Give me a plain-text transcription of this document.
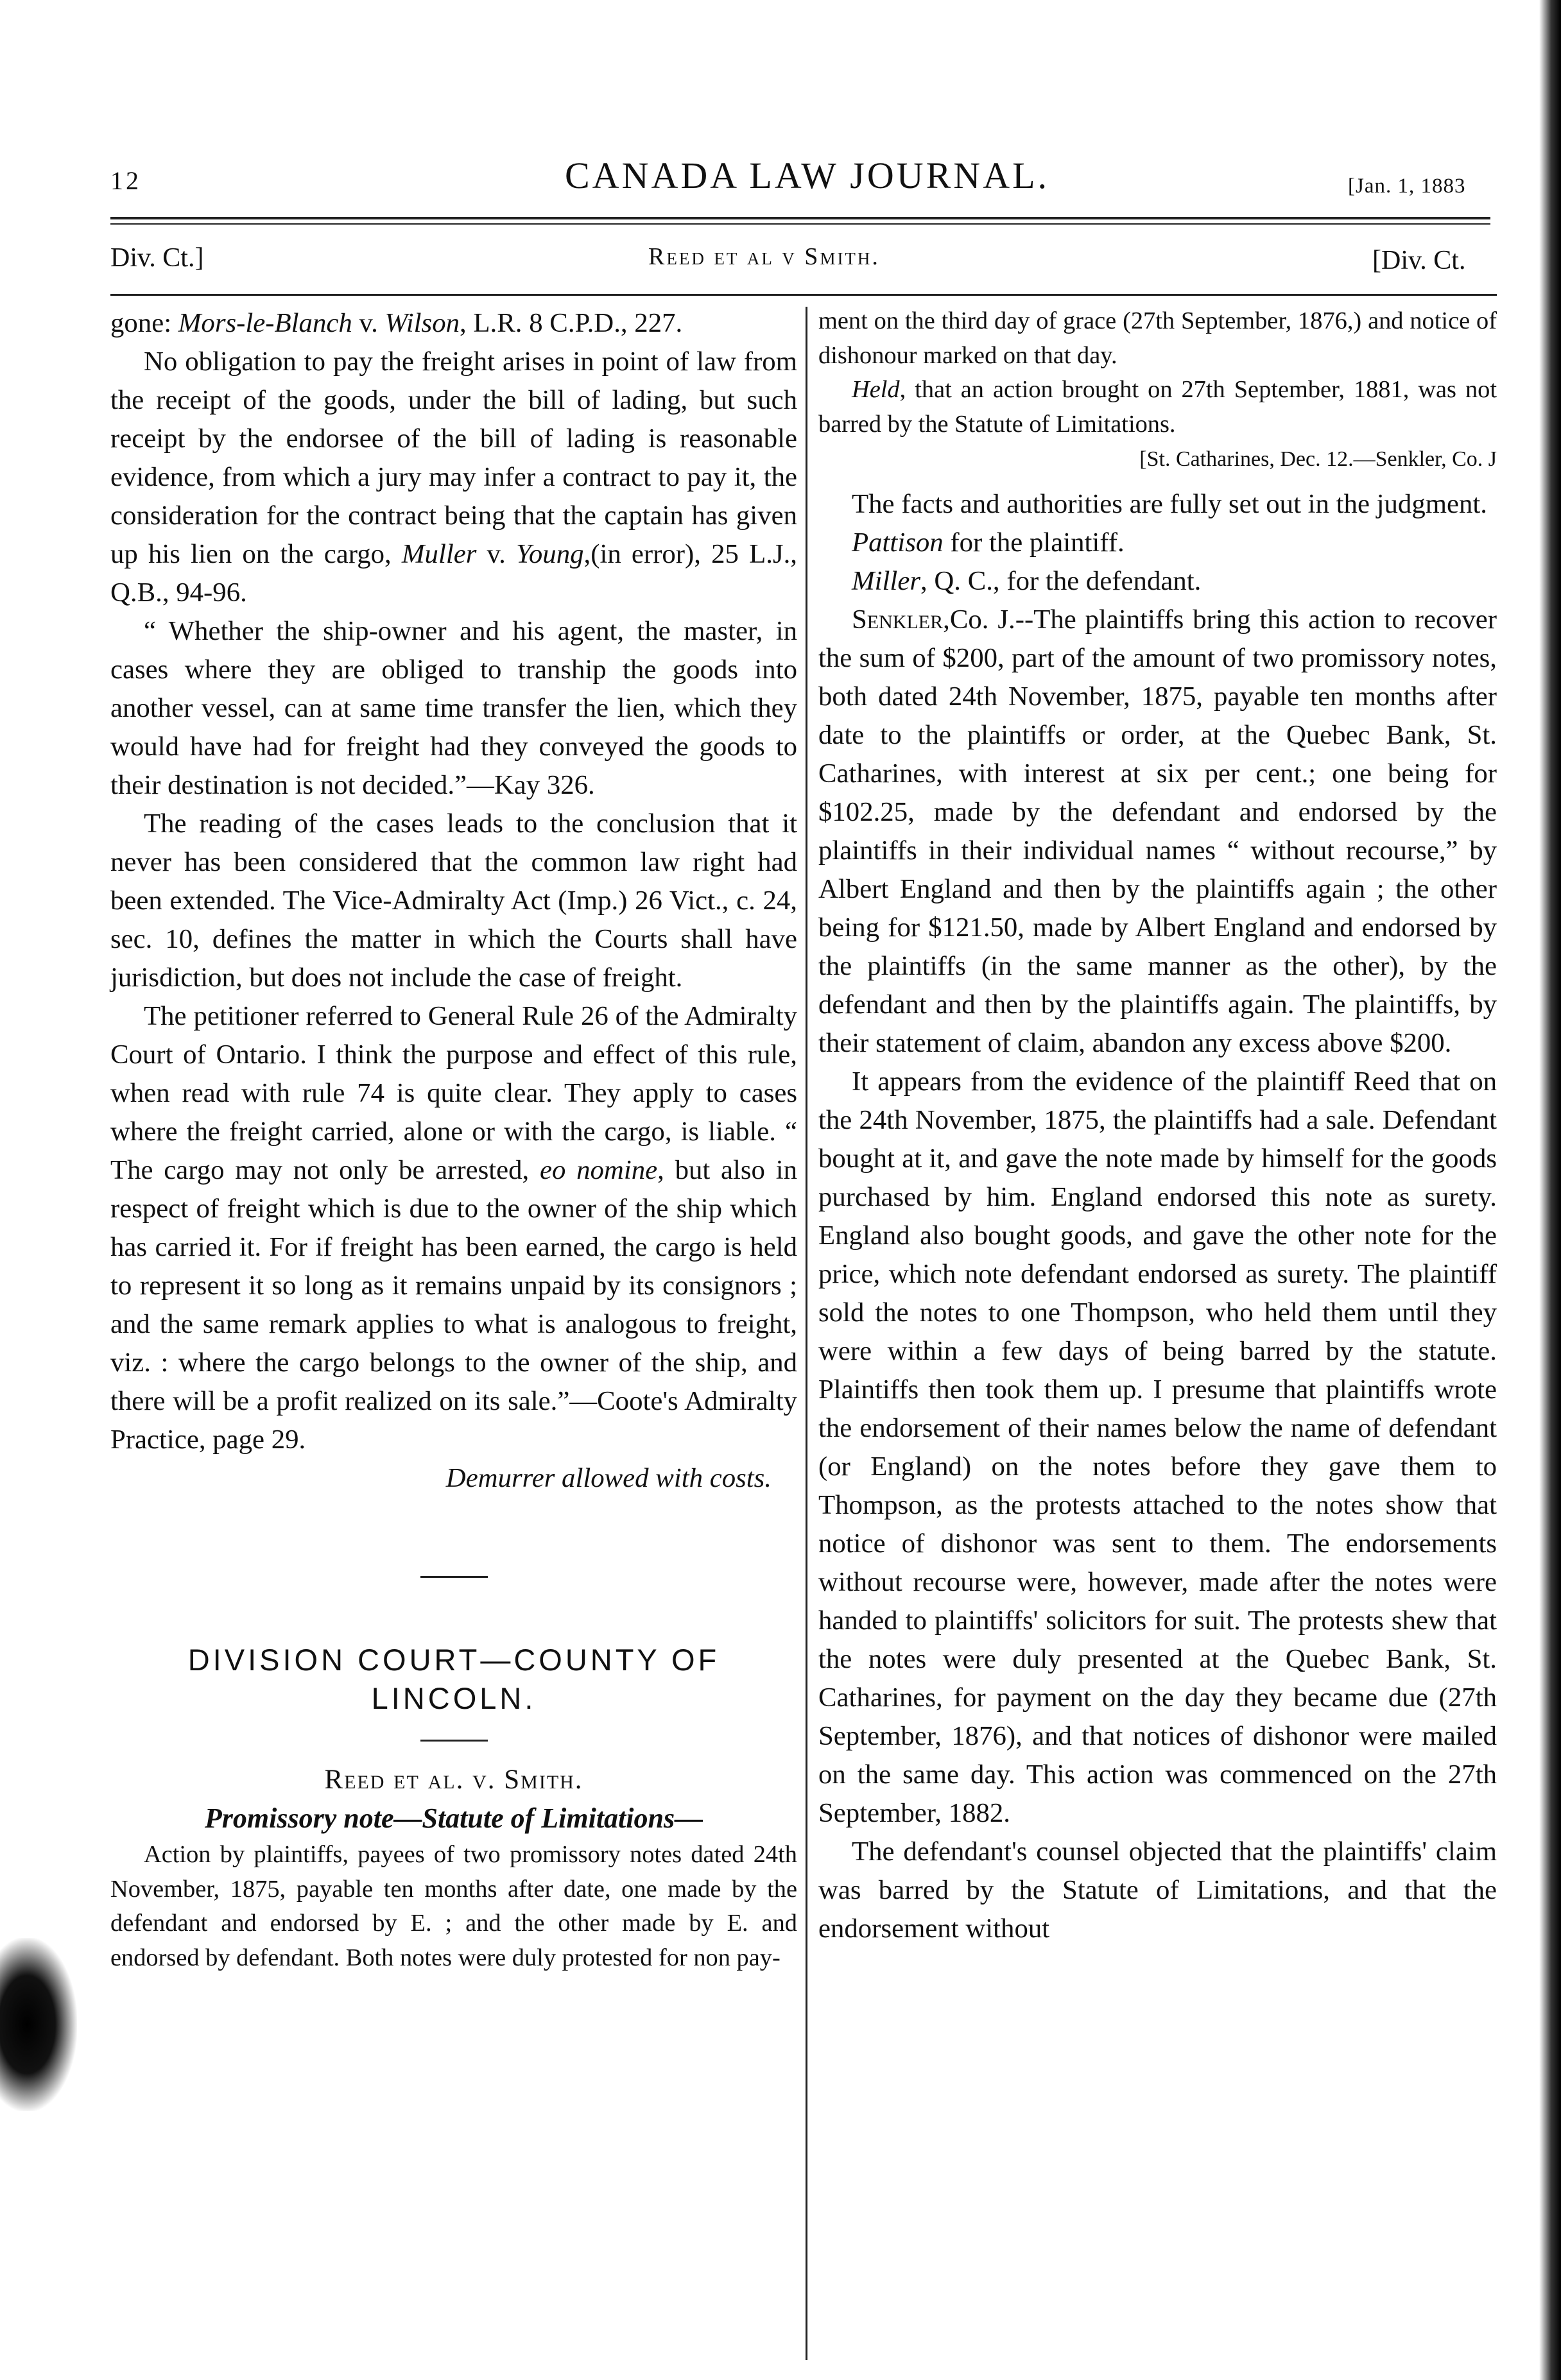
12	CANADA LAW JOURNAL.	[Jan. 1, 1883
Div. Ct.]	Reed et al v Smith.	[Div. Ct.

gone: Mors-le-Blanch v. Wilson, L.R. 8 C.P.D., 227.

No obligation to pay the freight arises in point of law from the receipt of the goods, under the bill of lading, but such receipt by the endorsee of the bill of lading is reasonable evidence, from which a jury may infer a contract to pay it, the consideration for the contract being that the captain has given up his lien on the cargo, Muller v. Young,(in error), 25 L.J., Q.B., 94-96.

“ Whether the ship-owner and his agent, the master, in cases where they are obliged to tranship the goods into another vessel, can at same time transfer the lien, which they would have had for freight had they conveyed the goods to their destination is not decided.”—Kay 326.

The reading of the cases leads to the conclusion that it never has been considered that the common law right had been extended. The Vice-Admiralty Act (Imp.) 26 Vict., c. 24, sec. 10, defines the matter in which the Courts shall have jurisdiction, but does not include the case of freight.

The petitioner referred to General Rule 26 of the Admiralty Court of Ontario. I think the purpose and effect of this rule, when read with rule 74 is quite clear. They apply to cases where the freight carried, alone or with the cargo, is liable. “ The cargo may not only be arrested, eo nomine, but also in respect of freight which is due to the owner of the ship which has carried it. For if freight has been earned, the cargo is held to represent it so long as it remains unpaid by its consignors ; and the same remark applies to what is analogous to freight, viz. : where the cargo belongs to the owner of the ship, and there will be a profit realized on its sale.”—Coote's Admiralty Practice, page 29.

Demurrer allowed with costs.

DIVISION COURT—COUNTY OF LINCOLN.

Reed et al. v. Smith.

Promissory note—Statute of Limitations—

Action by plaintiffs, payees of two promissory notes dated 24th November, 1875, payable ten months after date, one made by the defendant and endorsed by E. ; and the other made by E. and endorsed by defendant. Both notes were duly protested for non pay-

ment on the third day of grace (27th September, 1876,) and notice of dishonour marked on that day.

Held, that an action brought on 27th September, 1881, was not barred by the Statute of Limitations.

[St. Catharines, Dec. 12.—Senkler, Co. J

The facts and authorities are fully set out in the judgment.

Pattison for the plaintiff.

Miller, Q. C., for the defendant.

Senkler,Co. J.--The plaintiffs bring this action to recover the sum of $200, part of the amount of two promissory notes, both dated 24th November, 1875, payable ten months after date to the plaintiffs or order, at the Quebec Bank, St. Catharines, with interest at six per cent.; one being for $102.25, made by the defendant and endorsed by the plaintiffs in their individual names “ without recourse,” by Albert England and then by the plaintiffs again ; the other being for $121.50, made by Albert England and endorsed by the plaintiffs (in the same manner as the other), by the defendant and then by the plaintiffs again. The plaintiffs, by their statement of claim, abandon any excess above $200.

It appears from the evidence of the plaintiff Reed that on the 24th November, 1875, the plaintiffs had a sale. Defendant bought at it, and gave the note made by himself for the goods purchased by him. England endorsed this note as surety. England also bought goods, and gave the other note for the price, which note defendant endorsed as surety. The plaintiff sold the notes to one Thompson, who held them until they were within a few days of being barred by the statute. Plaintiffs then took them up. I presume that plaintiffs wrote the endorsement of their names below the name of defendant (or England) on the notes before they gave them to Thompson, as the protests attached to the notes show that notice of dishonor was sent to them. The endorsements without recourse were, however, made after the notes were handed to plaintiffs' solicitors for suit. The protests shew that the notes were duly presented at the Quebec Bank, St. Catharines, for payment on the day they became due (27th September, 1876), and that notices of dishonor were mailed on the same day. This action was commenced on the 27th September, 1882.

The defendant's counsel objected that the plaintiffs' claim was barred by the Statute of Limitations, and that the endorsement without
